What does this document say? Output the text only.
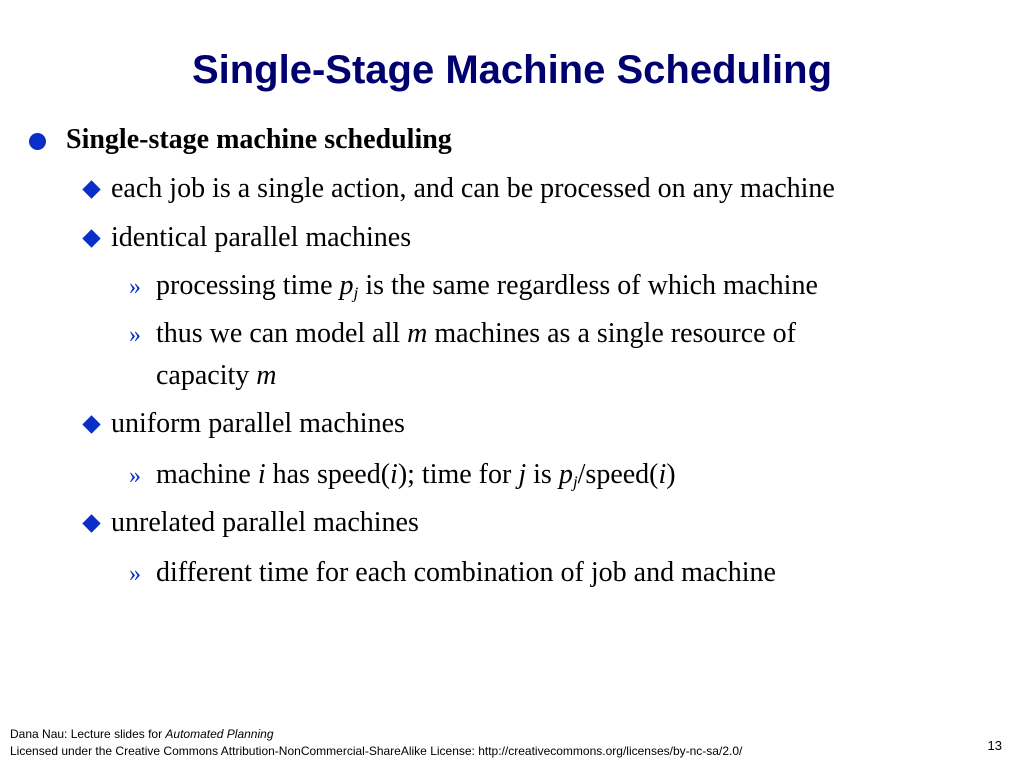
Single-Stage Machine Scheduling
Single-stage machine scheduling
each job is a single action, and can be processed on any machine
identical parallel machines
» processing time $p_j$ is the same regardless of which machine
» thus we can model all m machines as a single resource of
capacity m
uniform parallel machines
» machine i has speed(i); time for j is $p_j/speed(i)$
unrelated parallel machines
» different time for each combination of job and machine
Dana Nau: Lecture slides for Automated Planning
Licensed under the Creative Commons Attribution-NonCommercial-ShareAlike License: http://creativecommons.org/licenses/by-nc-sa/2.0/	13
